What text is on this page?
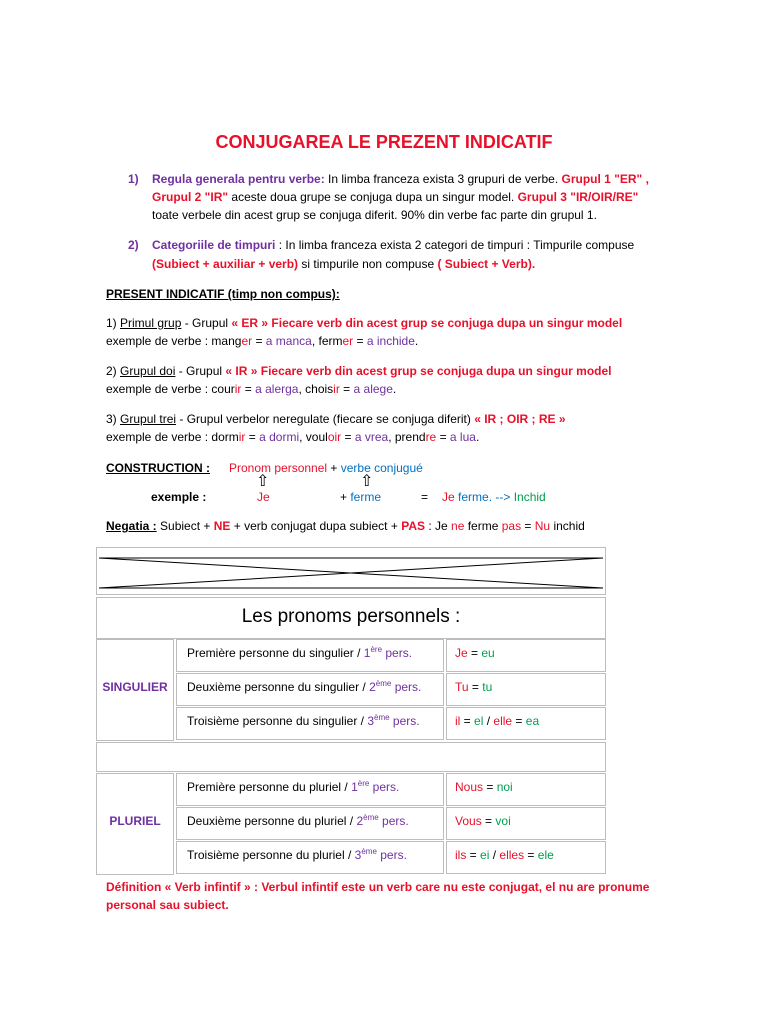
CONJUGAREA LE PREZENT INDICATIF
1) Regula generala pentru verbe: In limba franceza exista 3 grupuri de verbe. Grupul 1 "ER" ,
Grupul 2 "IR" aceste doua grupe se conjuga dupa un singur model. Grupul 3 "IR/OIR/RE"
toate verbele din acest grup se conjuga diferit. 90% din verbe fac parte din grupul 1.
2) Categoriile de timpuri : In limba franceza exista 2 categori de timpuri : Timpurile compuse
(Subiect + auxiliar + verb) si timpurile non compuse ( Subiect + Verb).
PRESENT INDICATIF (timp non compus):
1) Primul grup - Grupul « ER » Fiecare verb din acest grup se conjuga dupa un singur model
exemple de verbe : manger = a manca, fermer = a inchide.
2) Grupul doi - Grupul « IR » Fiecare verb din acest grup se conjuga dupa un singur model
exemple de verbe : courir = a alerga, choisir = a alege.
3) Grupul trei - Grupul verbelor neregulate (fiecare se conjuga diferit) « IR ; OIR ; RE »
exemple de verbe : dormir = a dormi, vouloir = a vrea, prendre = a lua.
CONSTRUCTION : Pronom personnel + verbe conjugué
⇧	⇧
exemple :	Je	+ ferme	= Je ferme. --> Inchid
Negatia : Subiect + NE + verb conjugat dupa subiect + PAS : Je ne ferme pas = Nu inchid
Les pronoms personnels :
SINGULIER
Première personne du singulier / 1ère pers.	Je = eu
Deuxième personne du singulier / 2ème pers.	Tu = tu
Troisième personne du singulier / 3ème pers.	il = el / elle = ea
PLURIEL
Première personne du pluriel / 1ère pers.	Nous = noi
Deuxième personne du pluriel / 2ème pers.	Vous = voi
Troisième personne du pluriel / 3ème pers.	ils = ei / elles = ele
Définition « Verb infintif » : Verbul infintif este un verb care nu este conjugat, el nu are pronume
personal sau subiect.
